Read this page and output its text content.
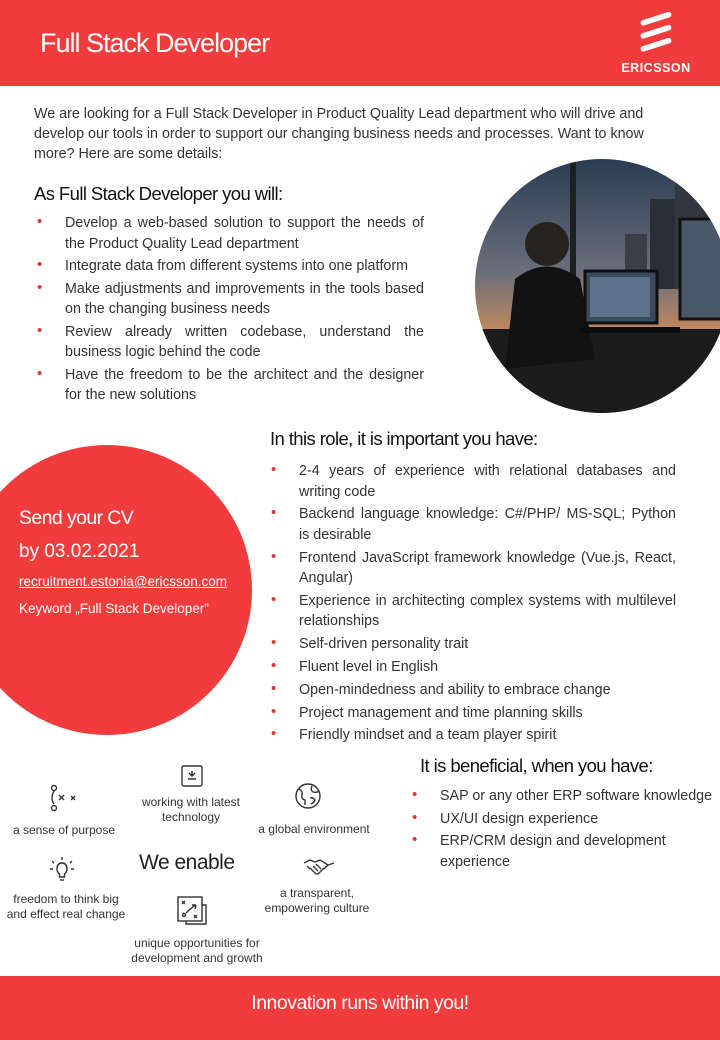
Full Stack Developer
ERICSSON
We are looking for a Full Stack Developer in Product Quality Lead department who will drive and develop our tools in order to support our changing business needs and processes. Want to know more? Here are some details:
As Full Stack Developer you will:
• Develop a web-based solution to support the needs of the Product Quality Lead department
• Integrate data from different systems into one platform
• Make adjustments and improvements in the tools based on the changing business needs
• Review already written codebase, understand the business logic behind the code
• Have the freedom to be the architect and the designer for the new solutions
Send your CV
by 03.02.2021
recruitment.estonia@ericsson.com
Keyword „Full Stack Developer”
In this role, it is important you have:
• 2-4 years of experience with relational databases and writing code
• Backend language knowledge: C#/PHP/ MS-SQL; Python is desirable
• Frontend JavaScript framework knowledge (Vue.js, React, Angular)
• Experience in architecting complex systems with multilevel relationships
• Self-driven personality trait
• Fluent level in English
• Open-mindedness and ability to embrace change
• Project management and time planning skills
• Friendly mindset and a team player spirit
It is beneficial, when you have:
• SAP or any other ERP software knowledge
• UX/UI design experience
• ERP/CRM design and development experience
a sense of purpose
working with latest technology
a global environment
freedom to think big and effect real change
We enable
a transparent, empowering culture
unique opportunities for development and growth
Innovation runs within you!
